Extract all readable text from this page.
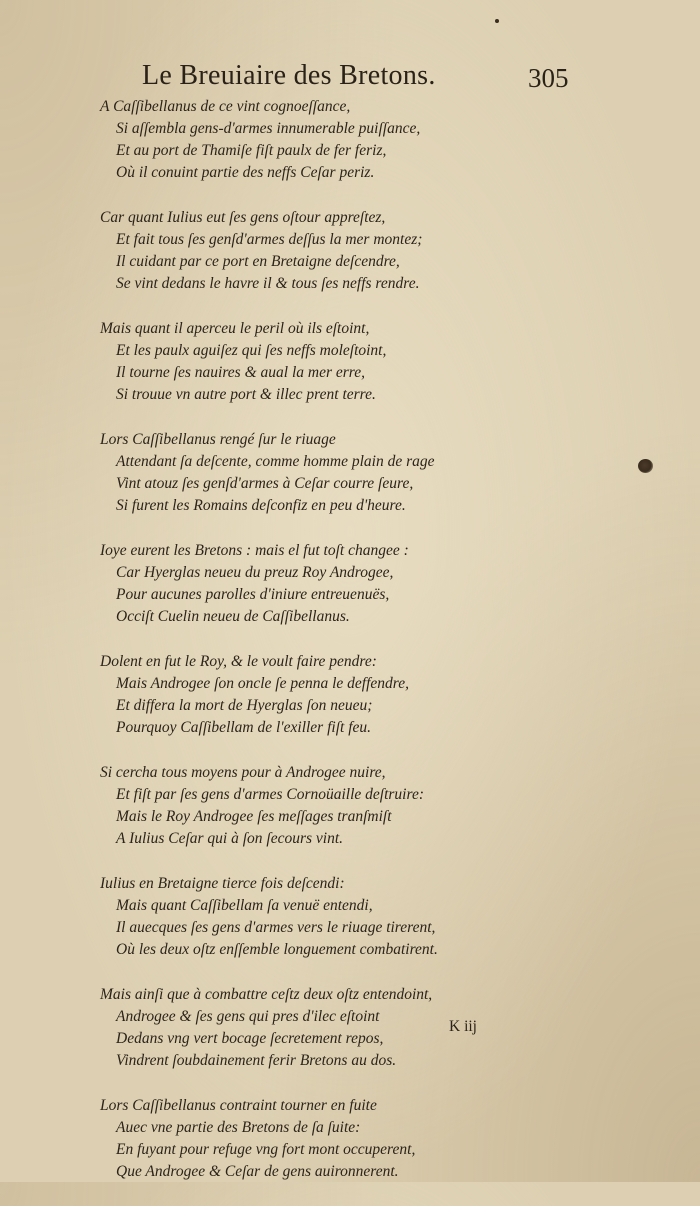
Le Breuiaire des Bretons.	305
A Caſſibellanus de ce vint cognoeſſance,
Si aſſembla gens-d'armes innumerable puiſſance,
Et au port de Thamiſe fiſt paulx de fer feriz,
Où il conuint partie des neffs Ceſar periz.
Car quant Iulius eut ſes gens oſtour appreſtez,
Et fait tous ſes genſd'armes deſſus la mer montez;
Il cuidant par ce port en Bretaigne deſcendre,
Se vint dedans le havre il & tous ſes neffs rendre.
Mais quant il aperceu le peril où ils eſtoint,
Et les paulx aguiſez qui ſes neffs moleſtoint,
Il tourne ſes nauires & aual la mer erre,
Si trouue vn autre port & illec prent terre.
Lors Caſſibellanus rengé ſur le riuage
Attendant ſa deſcente, comme homme plain de rage
Vint atouz ſes genſd'armes à Ceſar courre ſeure,
Si furent les Romains deſconfiz en peu d'heure.
Ioye eurent les Bretons : mais el fut toſt changee :
Car Hyerglas neueu du preuz Roy Androgee,
Pour aucunes parolles d'iniure entreuenuës,
Occiſt Cuelin neueu de Caſſibellanus.
Dolent en fut le Roy, & le voult faire pendre:
Mais Androgee ſon oncle ſe penna le deffendre,
Et differa la mort de Hyerglas ſon neueu;
Pourquoy Caſſibellam de l'exiller fiſt feu.
Si cercha tous moyens pour à Androgee nuire,
Et fiſt par ſes gens d'armes Cornoüaille deſtruire:
Mais le Roy Androgee ſes meſſages tranſmiſt
A Iulius Ceſar qui à ſon ſecours vint.
Iulius en Bretaigne tierce fois deſcendi:
Mais quant Caſſibellam ſa venuë entendi,
Il auecques ſes gens d'armes vers le riuage tirerent,
Où les deux oſtz enſſemble longuement combatirent.
Mais ainſi que à combattre ceſtz deux oſtz entendoint,
Androgee & ſes gens qui pres d'ilec eſtoint
Dedans vng vert bocage ſecretement repos,
Vindrent ſoubdainement ferir Bretons au dos.
Lors Caſſibellanus contraint tourner en fuite
Auec vne partie des Bretons de ſa ſuite:
En fuyant pour refuge vng fort mont occuperent,
Que Androgee & Ceſar de gens auironnerent.
K iij
